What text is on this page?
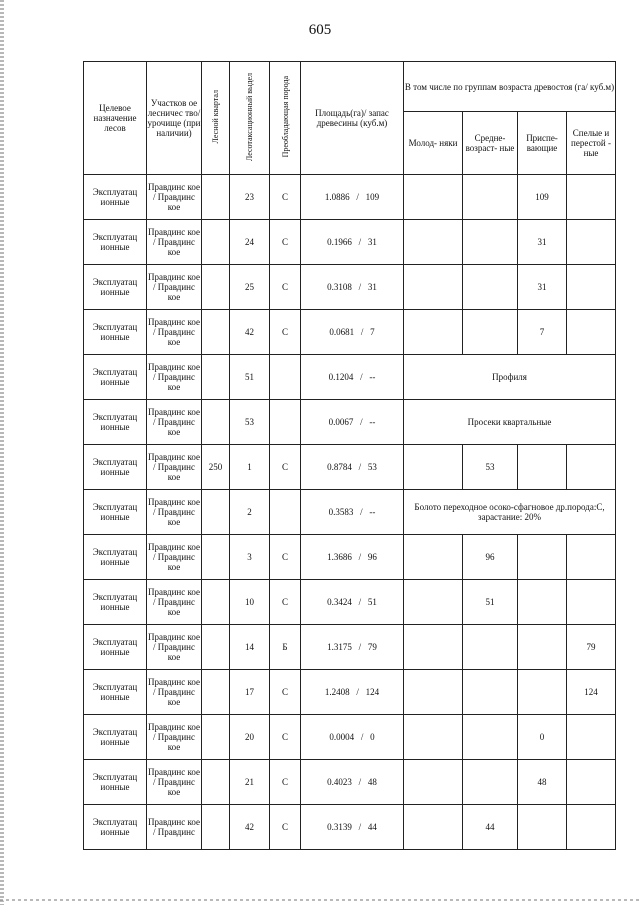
605
Целевое назначение лесов	Участков ое лесничес тво/ урочище (при наличии)	Лесной квартал	Лесотаксационный выдел	Преобладающая порода	Площадь(га)/ запас древесины (куб.м)	В том числе по группам возраста древостоя (га/ куб.м)			
						Молод- няки	Средне- возраст- ные	Приспе- вающие	Спелые и перестой - ные
Эксплуатац ионные	Правдинс кое / Правдинс кое		23	С	1.0886   /   109			109	
Эксплуатац ионные	Правдинс кое / Правдинс кое		24	С	0.1966   /   31			31	
Эксплуатац ионные	Правдинс кое / Правдинс кое		25	С	0.3108   /   31			31	
Эксплуатац ионные	Правдинс кое / Правдинс кое		42	С	0.0681   /   7			7	
Эксплуатац ионные	Правдинс кое / Правдинс кое		51		0.1204   /   --	Профиля			
Эксплуатац ионные	Правдинс кое / Правдинс кое		53		0.0067   /   --	Просеки квартальные			
Эксплуатац ионные	Правдинс кое / Правдинс кое	250	1	С	0.8784   /   53		53		
Эксплуатац ионные	Правдинс кое / Правдинс кое		2		0.3583   /   --	Болото переходное осоко-сфагновое др.порода:С, зарастание: 20%			
Эксплуатац ионные	Правдинс кое / Правдинс кое		3	С	1.3686   /   96		96		
Эксплуатац ионные	Правдинс кое / Правдинс кое		10	С	0.3424   /   51		51		
Эксплуатац ионные	Правдинс кое / Правдинс кое		14	Б	1.3175   /   79				79
Эксплуатац ионные	Правдинс кое / Правдинс кое		17	С	1.2408   /   124				124
Эксплуатац ионные	Правдинс кое / Правдинс кое		20	С	0.0004   /   0			0	
Эксплуатац ионные	Правдинс кое / Правдинс кое		21	С	0.4023   /   48			48	
Эксплуатац ионные	Правдинс кое / Правдинс		42	С	0.3139   /   44		44		
